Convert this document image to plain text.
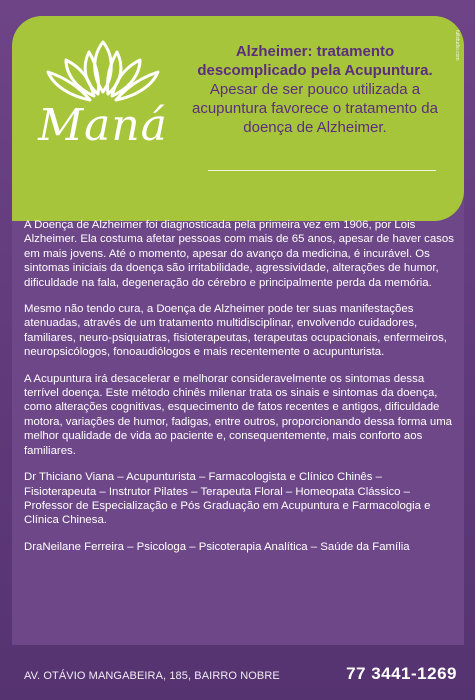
Maná
Alzheimer: tratamento descomplicado pela Acupuntura.
Apesar de ser pouco utilizada a acupuntura favorece o tratamento da doença de Alzheimer.
fullstudio.com

A Doença de Alzheimer foi diagnosticada pela primeira vez em 1906, por Lois Alzheimer. Ela costuma afetar pessoas com mais de 65 anos, apesar de haver casos em mais jovens. Até o momento, apesar do avanço da medicina, é incurável. Os sintomas iniciais da doença são irritabilidade, agressividade, alterações de humor, dificuldade na fala, degeneração do cérebro e principalmente perda da memória.

Mesmo não tendo cura, a Doença de Alzheimer pode ter suas manifestações atenuadas, através de um tratamento multidisciplinar, envolvendo cuidadores, familiares, neuro-psiquiatras, fisioterapeutas, terapeutas ocupacionais, enfermeiros, neuropsicólogos, fonoaudiólogos e mais recentemente o acupunturista.

A Acupuntura irá desacelerar e melhorar consideravelmente os sintomas dessa terrível doença. Este método chinês milenar trata os sinais e sintomas da doença, como alterações cognitivas, esquecimento de fatos recentes e antigos, dificuldade motora, variações de humor, fadigas, entre outros, proporcionando dessa forma uma melhor qualidade de vida ao paciente e, consequentemente, mais conforto aos familiares.

Dr Thiciano Viana – Acupunturista – Farmacologista e Clínico Chinês – Fisioterapeuta – Instrutor Pilates – Terapeuta Floral – Homeopata Clássico – Professor de Especialização e Pós Graduação em Acupuntura e Farmacologia e Clínica Chinesa.

DraNeilane Ferreira – Psicologa – Psicoterapia Analítica – Saúde da Família

AV. OTÁVIO MANGABEIRA, 185, BAIRRO NOBRE	77 3441-1269
